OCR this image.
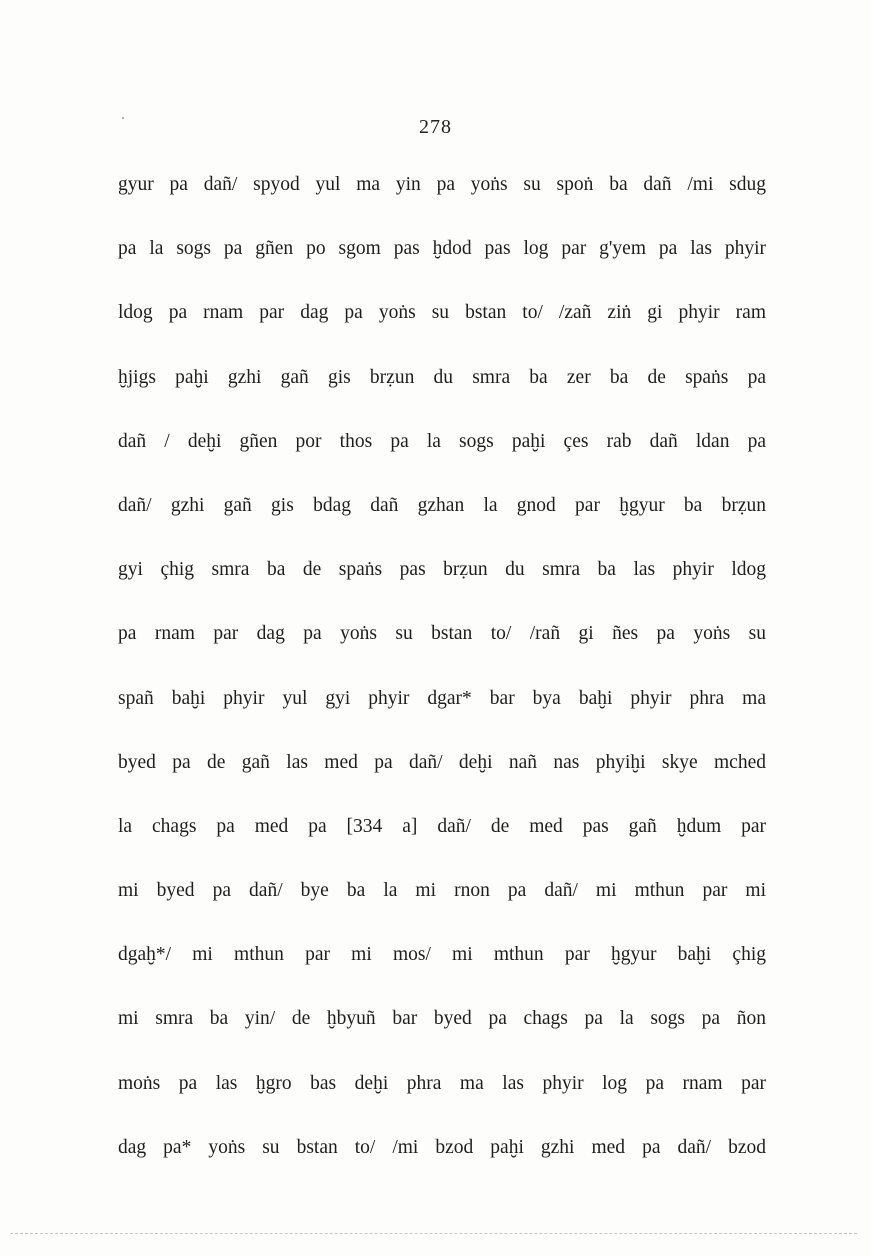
278
gyur pa dañ/ spyod yul ma yin pa yoṅs su spoṅ ba dañ /mi sdug
pa la sogs pa gñen po sgom pas ḫdod pas log par g'yem pa las phyir
ldog pa rnam par dag pa yoṅs su bstan to/ /zañ ziṅ gi phyir ram
ḫjigs paḫi gzhi gañ gis brẓun du smra ba zer ba de spaṅs pa
dañ / deḫi gñen por thos pa la sogs paḫi çes rab dañ ldan pa
dañ/ gzhi gañ gis bdag dañ gzhan la gnod par ḫgyur ba brẓun
gyi çhig smra ba de spaṅs pas brẓun du smra ba las phyir ldog
pa rnam par dag pa yoṅs su bstan to/ /rañ gi ñes pa yoṅs su
spañ baḫi phyir yul gyi phyir dgar* bar bya baḫi phyir phra ma
byed pa de gañ las med pa dañ/ deḫi nañ nas phyiḫi skye mched
la chags pa med pa [334 a] dañ/ de med pas gañ ḫdum par
mi byed pa dañ/ bye ba la mi rnon pa dañ/ mi mthun par mi
dgaḫ*/ mi mthun par mi mos/ mi mthun par ḫgyur baḫi çhig
mi smra ba yin/ de ḫbyuñ bar byed pa chags pa la sogs pa ñon
moṅs pa las ḫgro bas deḫi phra ma las phyir log pa rnam par
dag pa* yoṅs su bstan to/ /mi bzod paḫi gzhi med pa dañ/ bzod
